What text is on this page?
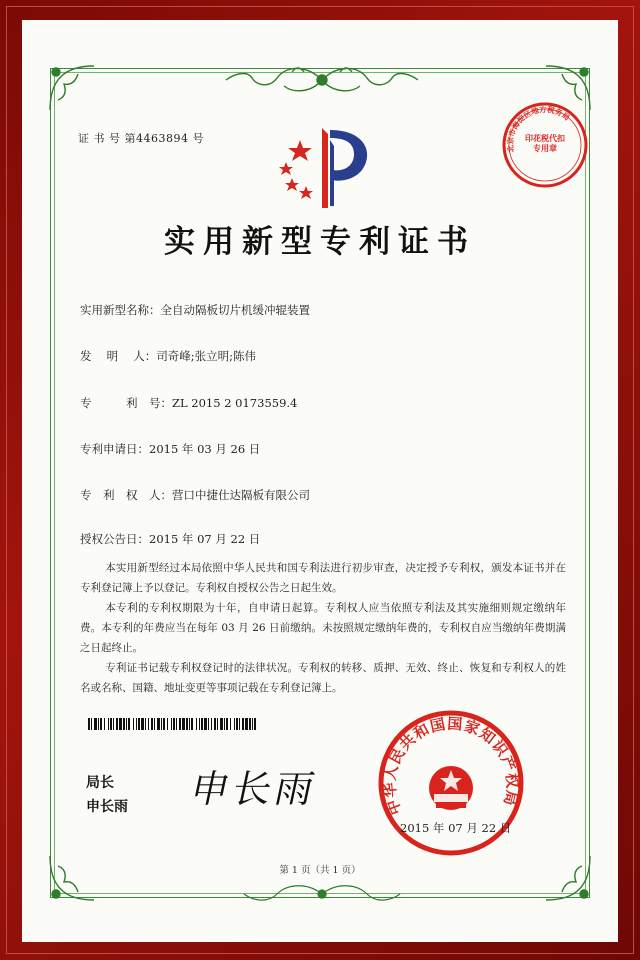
证 书 号 第4463894 号
北京市海淀区地方税务局
印花税代扣专用章
实用新型专利证书
实用新型名称：全自动隔板切片机缓冲辊装置
发　 明　 人：司奇峰;张立明;陈伟
专　　　利　号：ZL 2015 2 0173559.4
专利申请日：2015 年 03 月 26 日
专　利　权　人：营口中捷仕达隔板有限公司
授权公告日：2015 年 07 月 22 日

本实用新型经过本局依照中华人民共和国专利法进行初步审查，决定授予专利权，颁发本证书并在专利登记簿上予以登记。专利权自授权公告之日起生效。

本专利的专利权期限为十年，自申请日起算。专利权人应当依照专利法及其实施细则规定缴纳年费。本专利的年费应当在每年 03 月 26 日前缴纳。未按照规定缴纳年费的，专利权自应当缴纳年费期满之日起终止。

专利证书记载专利权登记时的法律状况。专利权的转移、质押、无效、终止、恢复和专利权人的姓名或名称、国籍、地址变更等事项记载在专利登记簿上。

局长
申长雨 申长雨	中华人民共和国国家知识产权局
2015 年 07 月 22 日
第 1 页（共 1 页）
